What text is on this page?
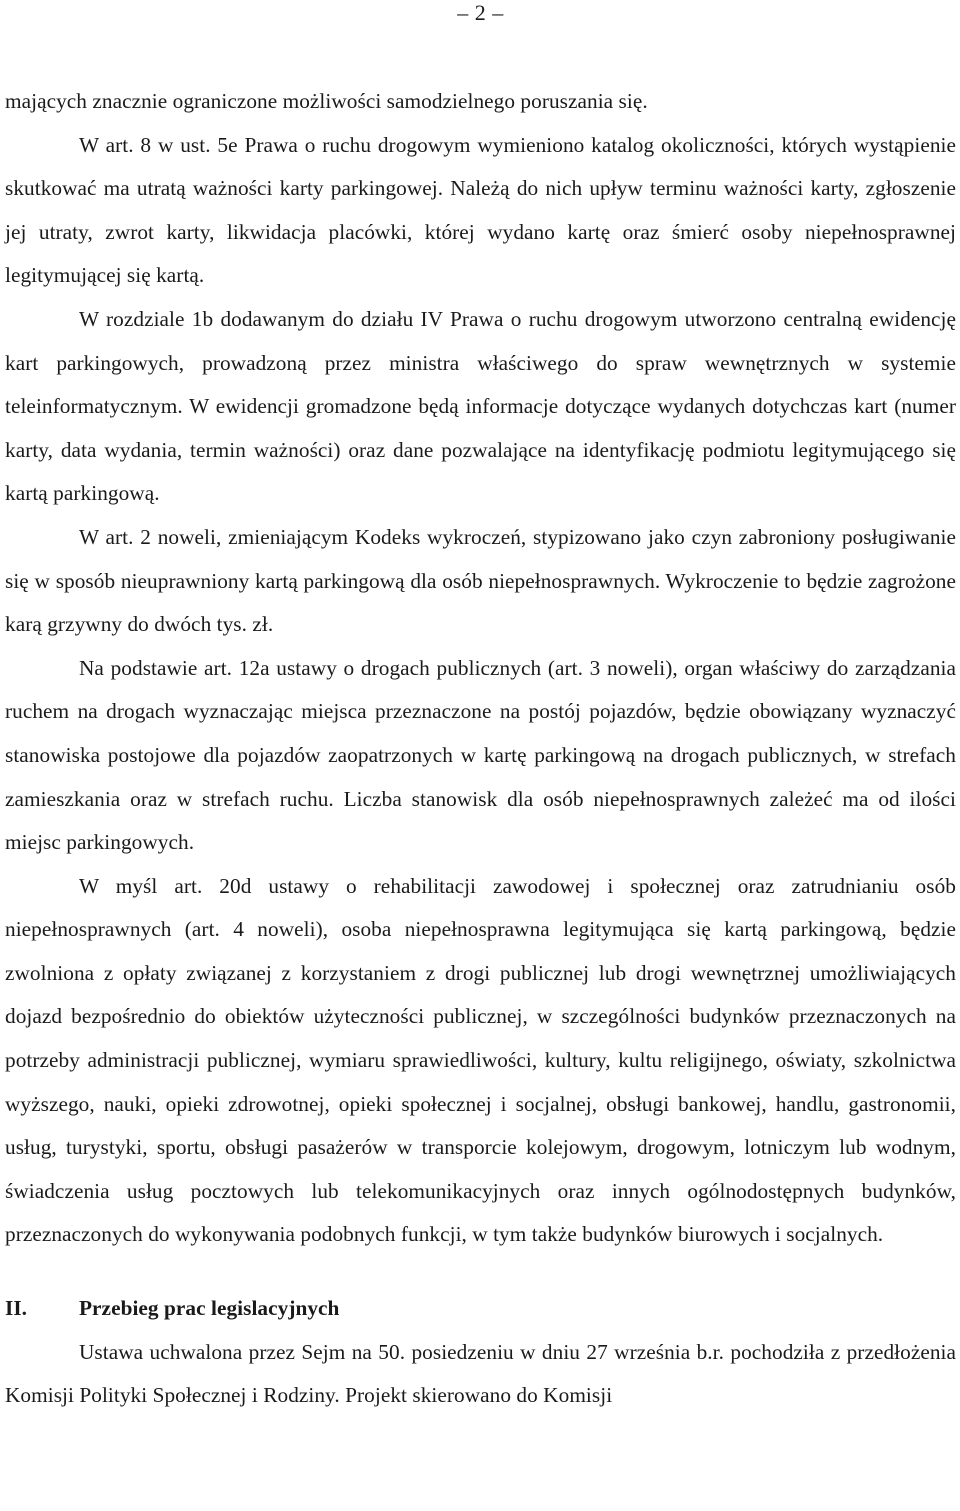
– 2 –

mających znacznie ograniczone możliwości samodzielnego poruszania się.

W art. 8 w ust. 5e Prawa o ruchu drogowym wymieniono katalog okoliczności, których wystąpienie skutkować ma utratą ważności karty parkingowej. Należą do nich upływ terminu ważności karty, zgłoszenie jej utraty, zwrot karty, likwidacja placówki, której wydano kartę oraz śmierć osoby niepełnosprawnej legitymującej się kartą.

W rozdziale 1b dodawanym do działu IV Prawa o ruchu drogowym utworzono centralną ewidencję kart parkingowych, prowadzoną przez ministra właściwego do spraw wewnętrznych w systemie teleinformatycznym. W ewidencji gromadzone będą informacje dotyczące wydanych dotychczas kart (numer karty, data wydania, termin ważności) oraz dane pozwalające na identyfikację podmiotu legitymującego się kartą parkingową.

W art. 2 noweli, zmieniającym Kodeks wykroczeń, stypizowano jako czyn zabroniony posługiwanie się w sposób nieuprawniony kartą parkingową dla osób niepełnosprawnych. Wykroczenie to będzie zagrożone karą grzywny do dwóch tys. zł.

Na podstawie art. 12a ustawy o drogach publicznych (art. 3 noweli), organ właściwy do zarządzania ruchem na drogach wyznaczając miejsca przeznaczone na postój pojazdów, będzie obowiązany wyznaczyć stanowiska postojowe dla pojazdów zaopatrzonych w kartę parkingową na drogach publicznych, w strefach zamieszkania oraz w strefach ruchu. Liczba stanowisk dla osób niepełnosprawnych zależeć ma od ilości miejsc parkingowych.

W myśl art. 20d ustawy o rehabilitacji zawodowej i społecznej oraz zatrudnianiu osób niepełnosprawnych (art. 4 noweli), osoba niepełnosprawna legitymująca się kartą parkingową, będzie zwolniona z opłaty związanej z korzystaniem z drogi publicznej lub drogi wewnętrznej umożliwiających dojazd bezpośrednio do obiektów użyteczności publicznej, w szczególności budynków przeznaczonych na potrzeby administracji publicznej, wymiaru sprawiedliwości, kultury, kultu religijnego, oświaty, szkolnictwa wyższego, nauki, opieki zdrowotnej, opieki społecznej i socjalnej, obsługi bankowej, handlu, gastronomii, usług, turystyki, sportu, obsługi pasażerów w transporcie kolejowym, drogowym, lotniczym lub wodnym, świadczenia usług pocztowych lub telekomunikacyjnych oraz innych ogólnodostępnych budynków, przeznaczonych do wykonywania podobnych funkcji, w tym także budynków biurowych i socjalnych.

II.	Przebieg prac legislacyjnych

Ustawa uchwalona przez Sejm na 50. posiedzeniu w dniu 27 września b.r. pochodziła z przedłożenia Komisji Polityki Społecznej i Rodziny. Projekt skierowano do Komisji
